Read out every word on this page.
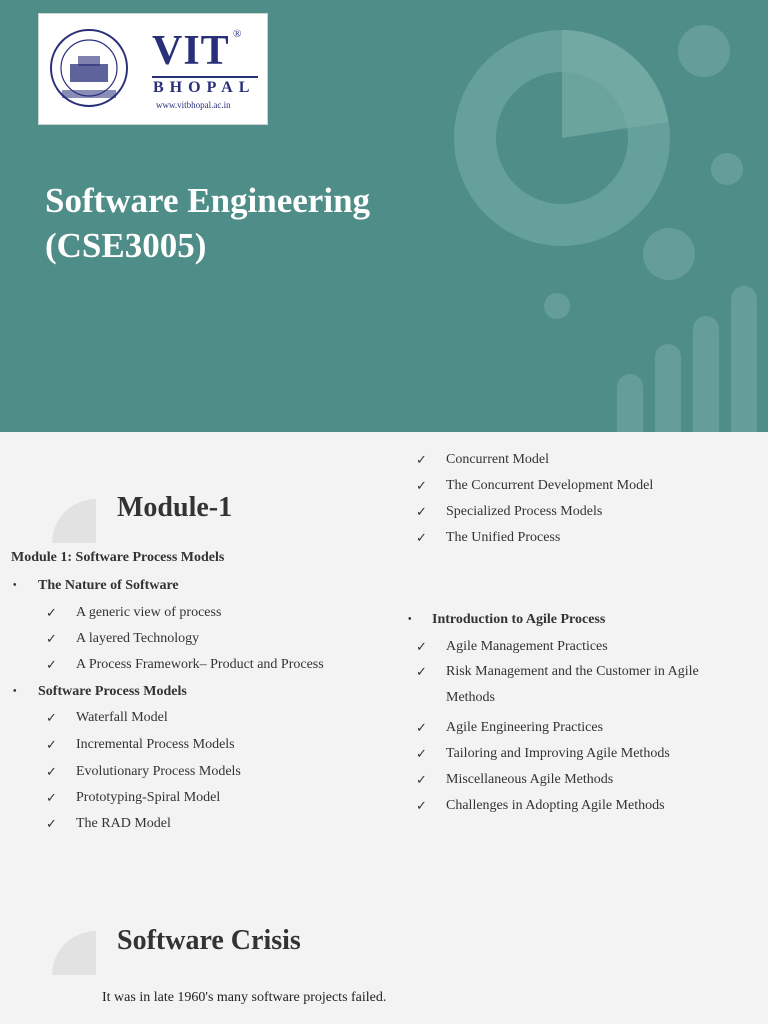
VIT ®
BHOPAL
www.vitbhopal.ac.in
Software Engineering
(CSE3005)
Module-1
Module 1: Software Process Models
• The Nature of Software
✓ A generic view of process
✓ A layered Technology
✓ A Process Framework– Product and Process
• Software Process Models
✓ Waterfall Model
✓ Incremental Process Models
✓ Evolutionary Process Models
✓ Prototyping-Spiral Model
✓ The RAD Model
✓ Concurrent Model
✓ The Concurrent Development Model
✓ Specialized Process Models
✓ The Unified Process
• Introduction to Agile Process
✓ Agile Management Practices
✓ Risk Management and the Customer in Agile
Methods
✓ Agile Engineering Practices
✓ Tailoring and Improving Agile Methods
✓ Miscellaneous Agile Methods
✓ Challenges in Adopting Agile Methods
Software Crisis
It was in late 1960's many software projects failed.
